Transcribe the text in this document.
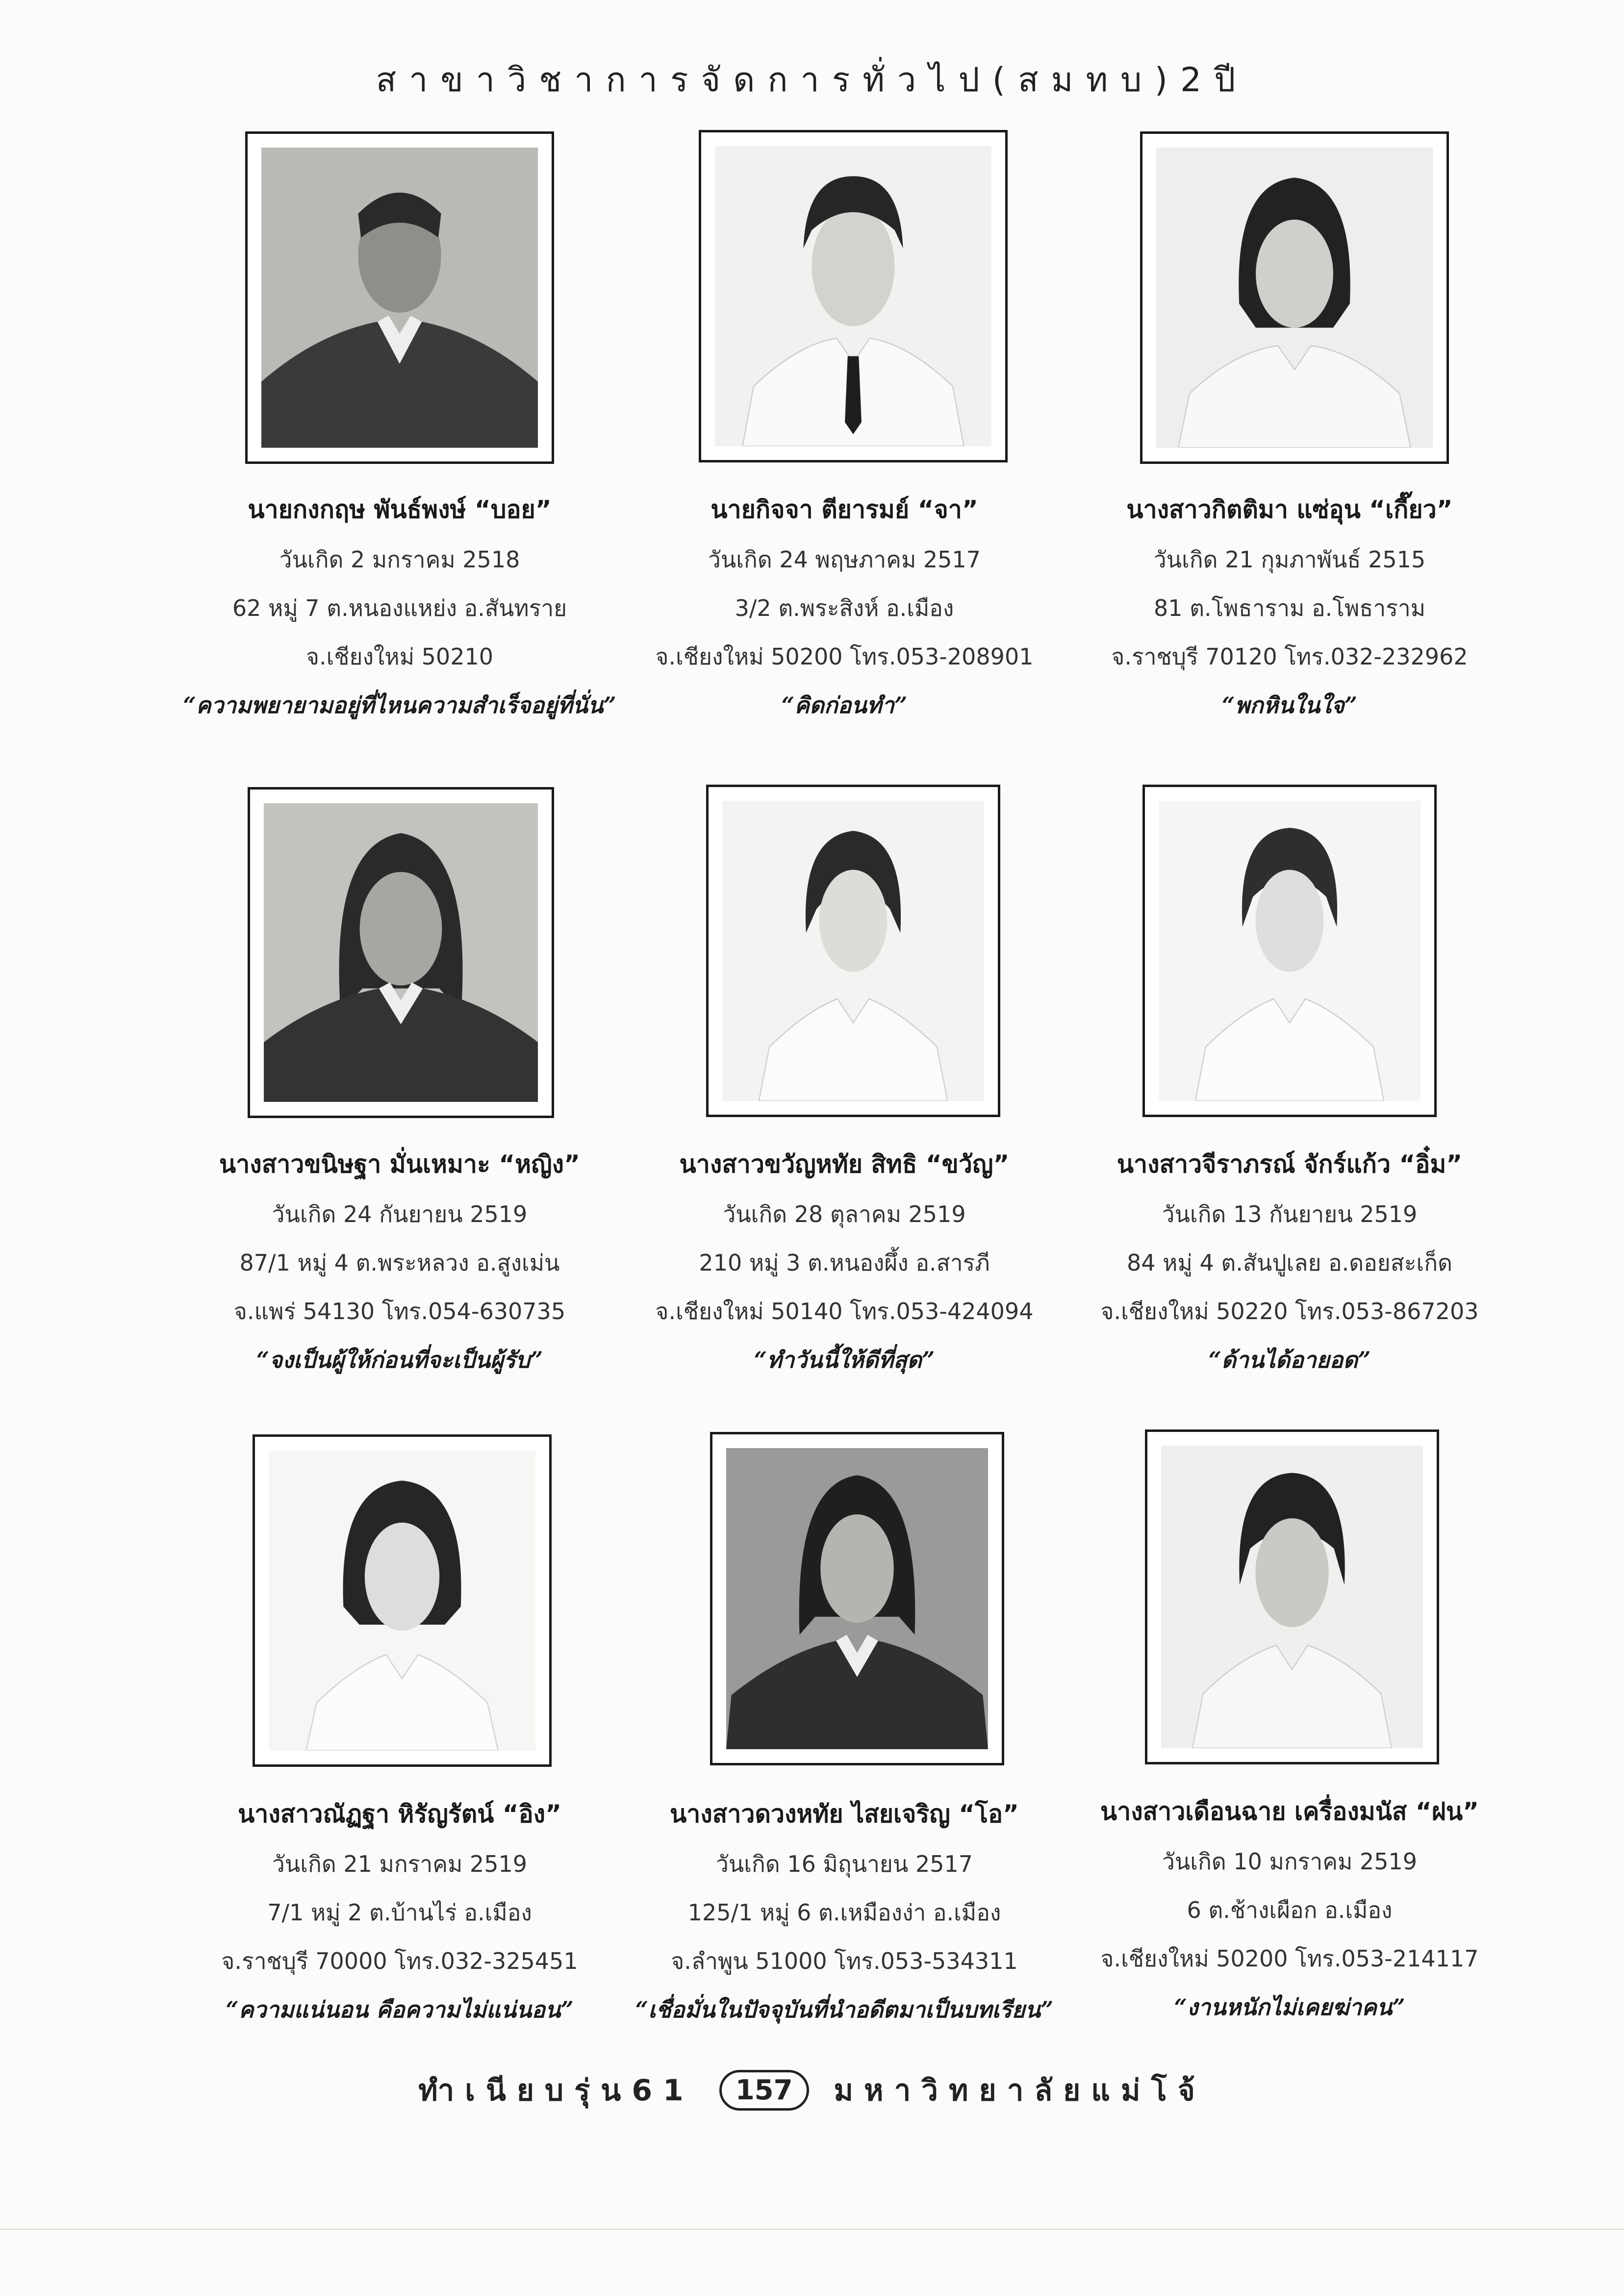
สาขาวิชาการจัดการทั่วไป(สมทบ)2ปี
นายกงกฤษ พันธ์พงษ์ “บอย”
วันเกิด 2 มกราคม 2518
62 หมู่ 7 ต.หนองแหย่ง อ.สันทราย
จ.เชียงใหม่ 50210
“ความพยายามอยู่ที่ไหนความสำเร็จอยู่ที่นั่น”
นายกิจจา ตียารมย์ “จา”
วันเกิด 24 พฤษภาคม 2517
3/2 ต.พระสิงห์ อ.เมือง
จ.เชียงใหม่ 50200 โทร.053-208901
“คิดก่อนทำ”
นางสาวกิตติมา แซ่อุน “เกี๊ยว”
วันเกิด 21 กุมภาพันธ์ 2515
81 ต.โพธาราม อ.โพธาราม
จ.ราชบุรี 70120 โทร.032-232962
“พกหินในใจ”
นางสาวขนิษฐา มั่นเหมาะ “หญิง”
วันเกิด 24 กันยายน 2519
87/1 หมู่ 4 ต.พระหลวง อ.สูงเม่น
จ.แพร่ 54130 โทร.054-630735
“จงเป็นผู้ให้ก่อนที่จะเป็นผู้รับ”
นางสาวขวัญหทัย สิทธิ “ขวัญ”
วันเกิด 28 ตุลาคม 2519
210 หมู่ 3 ต.หนองผึ้ง อ.สารภี
จ.เชียงใหม่ 50140 โทร.053-424094
“ทำวันนี้ให้ดีที่สุด”
นางสาวจีราภรณ์ จักร์แก้ว “อิ๋ม”
วันเกิด 13 กันยายน 2519
84 หมู่ 4 ต.สันปูเลย อ.ดอยสะเก็ด
จ.เชียงใหม่ 50220 โทร.053-867203
“ด้านได้อายอด”
นางสาวณัฏฐา หิรัญรัตน์ “อิง”
วันเกิด 21 มกราคม 2519
7/1 หมู่ 2 ต.บ้านไร่ อ.เมือง
จ.ราชบุรี 70000 โทร.032-325451
“ความแน่นอน คือความไม่แน่นอน”
นางสาวดวงหทัย ไสยเจริญ “โอ”
วันเกิด 16 มิถุนายน 2517
125/1 หมู่ 6 ต.เหมืองง่า อ.เมือง
จ.ลำพูน 51000 โทร.053-534311
“เชื่อมั่นในปัจจุบันที่นำอดีตมาเป็นบทเรียน”
นางสาวเดือนฉาย เครื่องมนัส “ฝน”
วันเกิด 10 มกราคม 2519
6 ต.ช้างเผือก อ.เมือง
จ.เชียงใหม่ 50200 โทร.053-214117
“งานหนักไม่เคยฆ่าคน”
ทำเนียบรุ่น61 157 มหาวิทยาลัยแม่โจ้
